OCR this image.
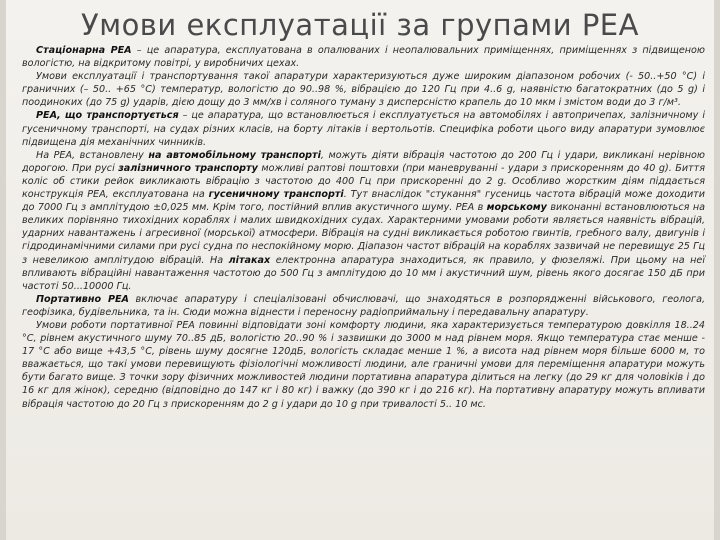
Умови експлуатації за групами РЕА

Стаціонарна РЕА – це апаратура, експлуатована в опалюваних і неопалювальних приміщеннях, приміщеннях з підвищеною вологістю, на відкритому повітрі, у виробничих цехах.

Умови експлуатації і транспортування такої апаратури характеризуються дуже широким діапазоном робочих (- 50..+50 °С) і граничних (– 50.. +65 °С) температур, вологістю до 90..98 %, вібрацією до 120 Гц при 4..6 g, наявністю багатократних (до 5 g) і поодиноких (до 75 g) ударів, дією дощу до 3 мм/хв і соляного туману з дисперсністю крапель до 10 мкм і змістом води до 3 г/м³.

РЕА, що транспортується – це апаратура, що встановлюється і експлуатується на автомобілях і автопричепах, залізничному і гусеничному транспорті, на судах різних класів, на борту літаків і вертольотів. Специфіка роботи цього виду апаратури зумовлює підвищена дія механічних чинників.

На РЕА, встановлену на автомобільному транспорті, можуть діяти вібрація частотою до 200 Гц і удари, викликані нерівною дорогою. При русі залізничного транспорту можливі раптові поштовхи (при маневруванні - удари з прискоренням до 40 g). Биття коліс об стики рейок викликають вібрацію з частотою до 400 Гц при прискоренні до 2 g. Особливо жорстким діям піддається конструкція РЕА, експлуатована на гусеничному транспорті. Тут внаслідок "стукання" гусениць частота вібрацій може доходити до 7000 Гц з амплітудою ±0,025 мм. Крім того, постійний вплив акустичного шуму. РЕА в морському виконанні встановлюються на великих порівняно тихохідних кораблях і малих швидкохідних судах. Характерними умовами роботи являється наявність вібрацій, ударних навантажень і агресивної (морської) атмосфери. Вібрація на судні викликається роботою гвинтів, гребного валу, двигунів і гідродинамічними силами при русі судна по неспокійному морю. Діапазон частот вібрацій на кораблях зазвичай не перевищує 25 Гц з невеликою амплітудою вібрацій. На літаках електронна апаратура знаходиться, як правило, у фюзеляжі. При цьому на неї впливають вібраційні навантаження частотою до 500 Гц з амплітудою до 10 мм і акустичний шум, рівень якого досягає 150 дБ при частоті 50...10000 Гц.

Портативно РЕА включає апаратуру і спеціалізовані обчислювачі, що знаходяться в розпорядженні військового, геолога, геофізика, будівельника, та ін. Сюди можна віднести і переносну радіоприймальну і передавальну апаратуру.

Умови роботи портативної РЕА повинні відповідати зоні комфорту людини, яка характеризується температурою довкілля 18..24 °С, рівнем акустичного шуму 70..85 дБ, вологістю 20..90 % і зазвишки до 3000 м над рівнем моря. Якщо температура стає менше - 17 °С або вище +43,5 °С, рівень шуму досягне 120дБ, вологість складає менше 1 %, а висота над рівнем моря більше 6000 м, то вважається, що такі умови перевищують фізіологічні можливості людини, але граничні умови для переміщення апаратури можуть бути багато вище. З точки зору фізичних можливостей людини портативна апаратура ділиться на легку (до 29 кг для чоловіків і до 16 кг для жінок), середню (відповідно до 147 кг і 80 кг) і важку (до 390 кг і до 216 кг). На портативну апаратуру можуть впливати вібрація частотою до 20 Гц з прискоренням до 2 g і удари до 10 g при тривалості 5.. 10 мс.
